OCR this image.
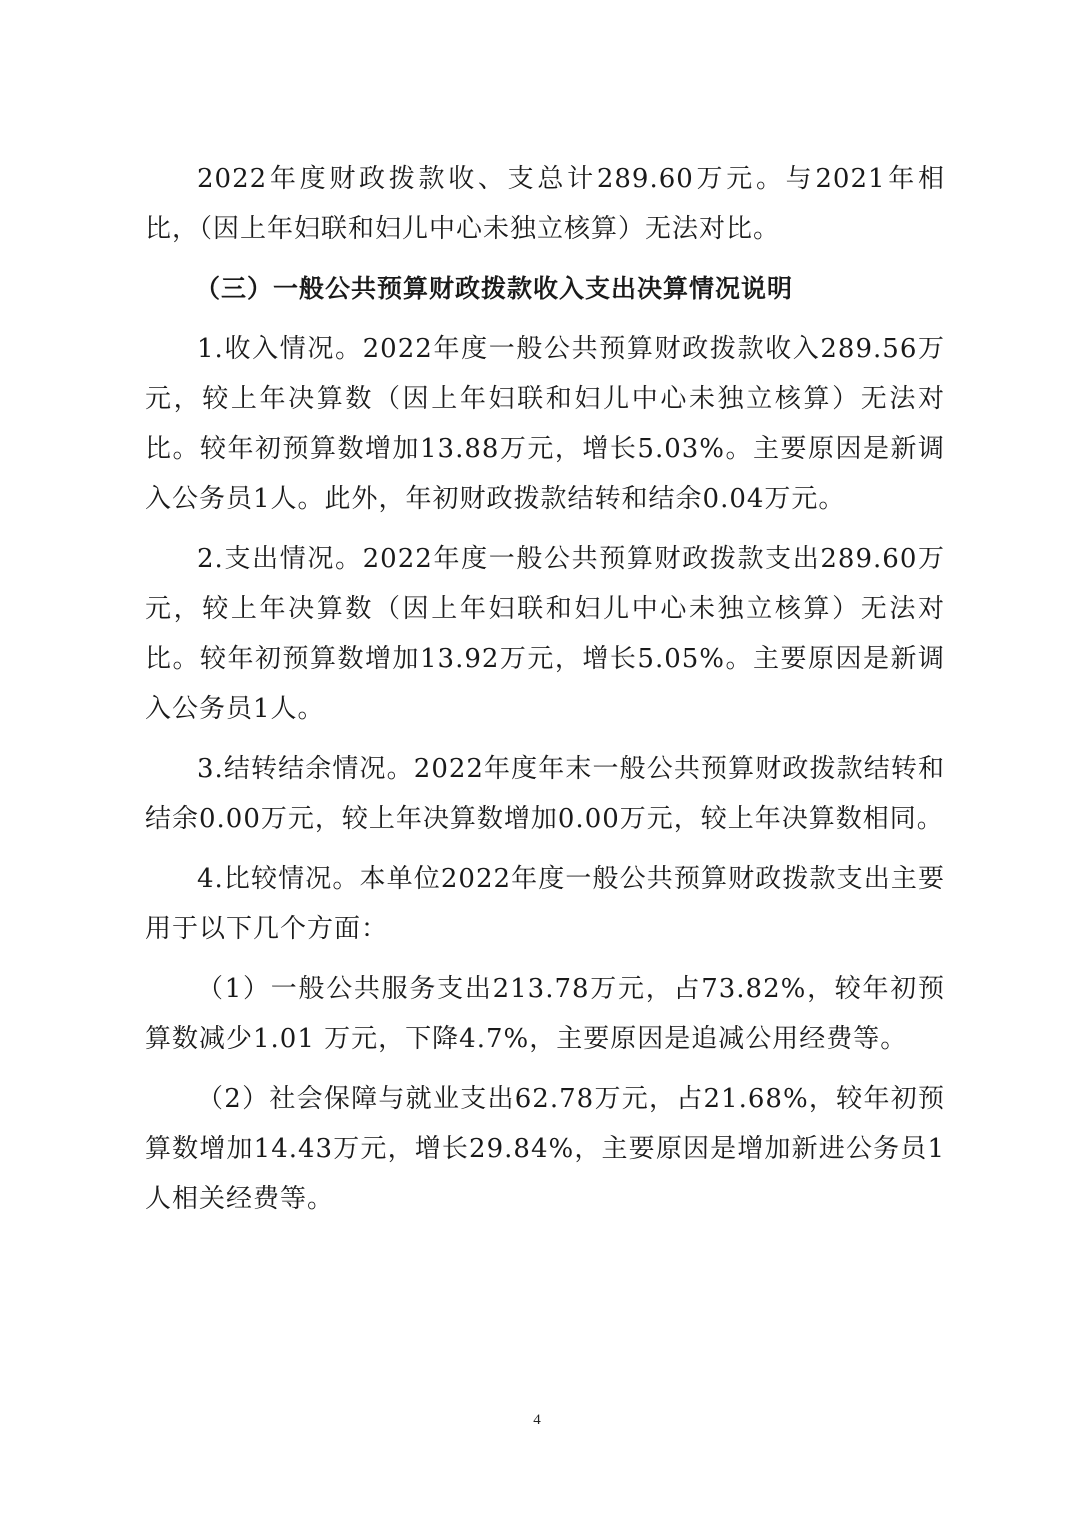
2022年度财政拨款收、支总计289.60万元。与2021年相比，（因上年妇联和妇儿中心未独立核算）无法对比。

（三）一般公共预算财政拨款收入支出决算情况说明

1.收入情况。2022年度一般公共预算财政拨款收入289.56万元，较上年决算数（因上年妇联和妇儿中心未独立核算）无法对比。较年初预算数增加13.88万元，增长5.03%。主要原因是新调入公务员1人。此外，年初财政拨款结转和结余0.04万元。

2.支出情况。2022年度一般公共预算财政拨款支出289.60万元，较上年决算数（因上年妇联和妇儿中心未独立核算）无法对比。较年初预算数增加13.92万元，增长5.05%。主要原因是新调入公务员1人。

3.结转结余情况。2022年度年末一般公共预算财政拨款结转和结余0.00万元，较上年决算数增加0.00万元，较上年决算数相同。

4.比较情况。本单位2022年度一般公共预算财政拨款支出主要用于以下几个方面：

（1）一般公共服务支出213.78万元，占73.82%，较年初预算数减少1.01 万元，下降4.7%，主要原因是追减公用经费等。

（2）社会保障与就业支出62.78万元，占21.68%，较年初预算数增加14.43万元，增长29.84%，主要原因是增加新进公务员1人相关经费等。

4
